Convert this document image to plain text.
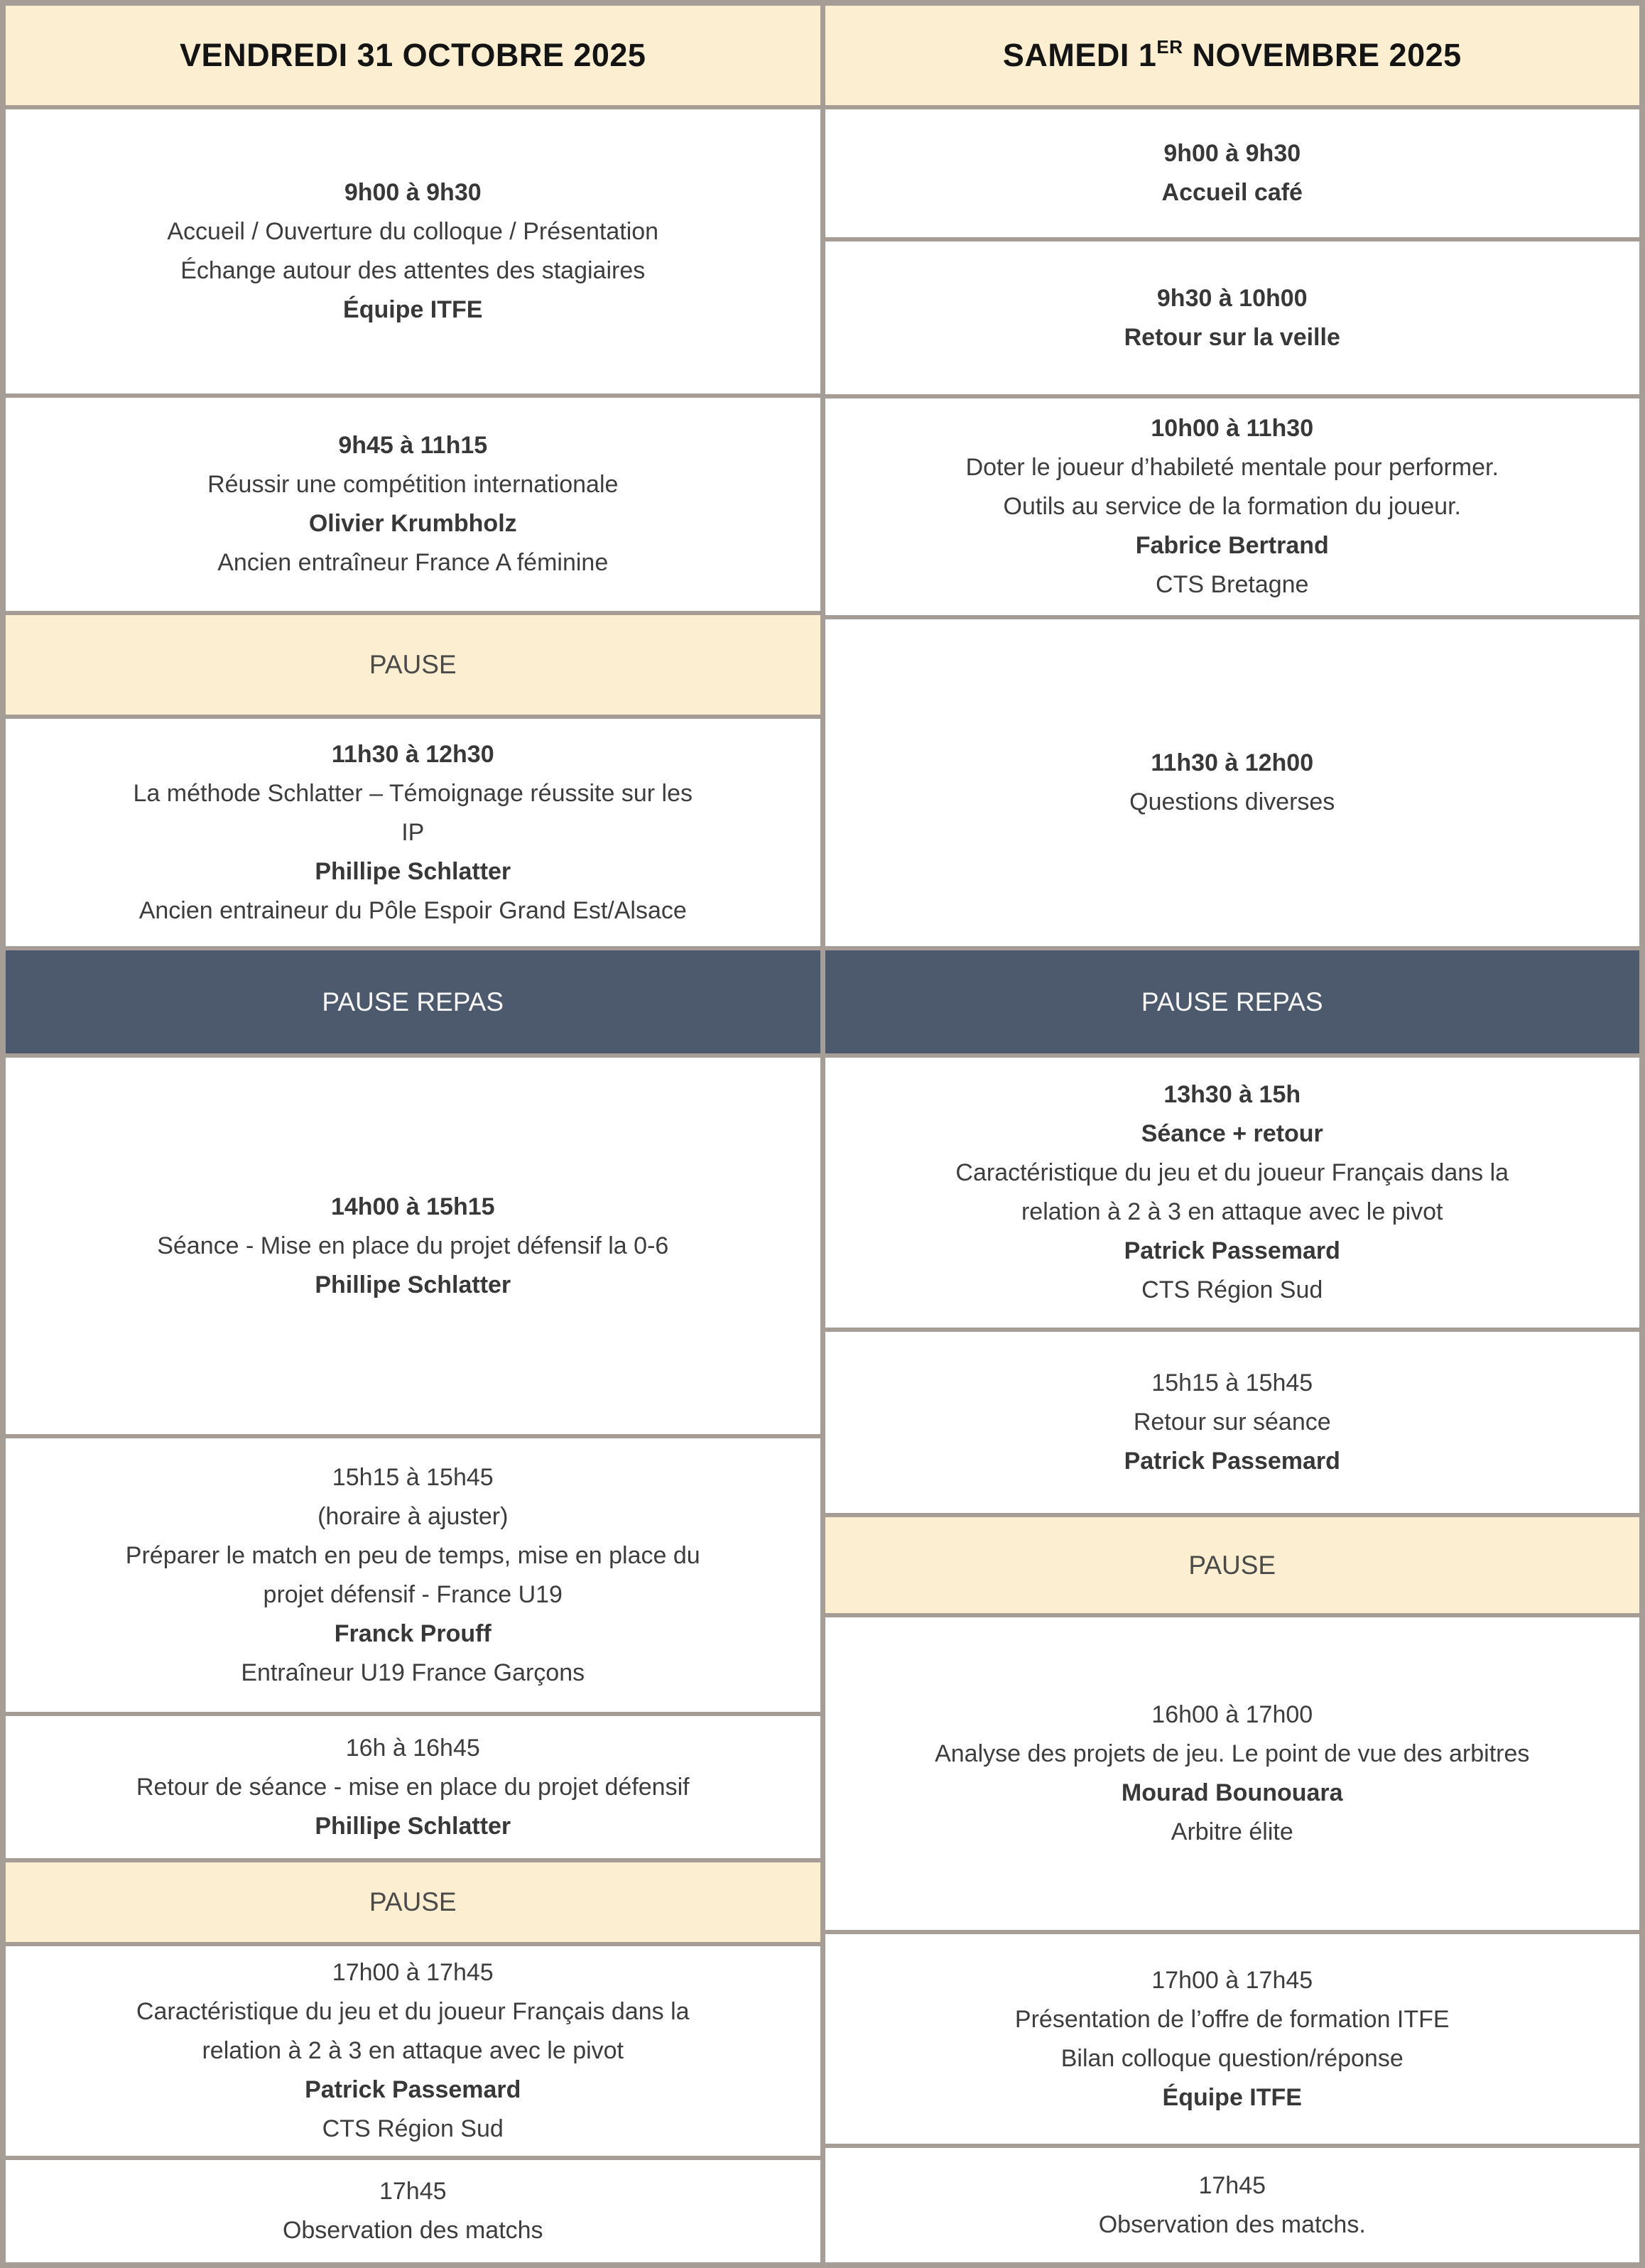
VENDREDI 31 OCTOBRE 2025
9h00 à 9h30
Accueil / Ouverture du colloque / Présentation
Échange autour des attentes des stagiaires
Équipe ITFE
9h45 à 11h15
Réussir une compétition internationale
Olivier Krumbholz
Ancien entraîneur France A féminine
PAUSE
11h30 à 12h30
La méthode Schlatter – Témoignage réussite sur les
IP
Phillipe Schlatter
Ancien entraineur du Pôle Espoir Grand Est/Alsace
PAUSE REPAS
14h00 à 15h15
Séance - Mise en place du projet défensif la 0-6
Phillipe Schlatter
15h15 à 15h45
(horaire à ajuster)
Préparer le match en peu de temps, mise en place du
projet défensif - France U19
Franck Prouff
Entraîneur U19 France Garçons
16h à 16h45
Retour de séance - mise en place du projet défensif
Phillipe Schlatter
PAUSE
17h00 à 17h45
Caractéristique du jeu et du joueur Français dans la
relation à 2 à 3 en attaque avec le pivot
Patrick Passemard
CTS Région Sud
17h45
Observation des matchs
SAMEDI 1ER NOVEMBRE 2025
9h00 à 9h30
Accueil café
9h30 à 10h00
Retour sur la veille
10h00 à 11h30
Doter le joueur d’habileté mentale pour performer.
Outils au service de la formation du joueur.
Fabrice Bertrand
CTS Bretagne
11h30 à 12h00
Questions diverses
PAUSE REPAS
13h30 à 15h
Séance + retour
Caractéristique du jeu et du joueur Français dans la
relation à 2 à 3 en attaque avec le pivot
Patrick Passemard
CTS Région Sud
15h15 à 15h45
Retour sur séance
Patrick Passemard
PAUSE
16h00 à 17h00
Analyse des projets de jeu. Le point de vue des arbitres
Mourad Bounouara
Arbitre élite
17h00 à 17h45
Présentation de l’offre de formation ITFE
Bilan colloque question/réponse
Équipe ITFE
17h45
Observation des matchs.
